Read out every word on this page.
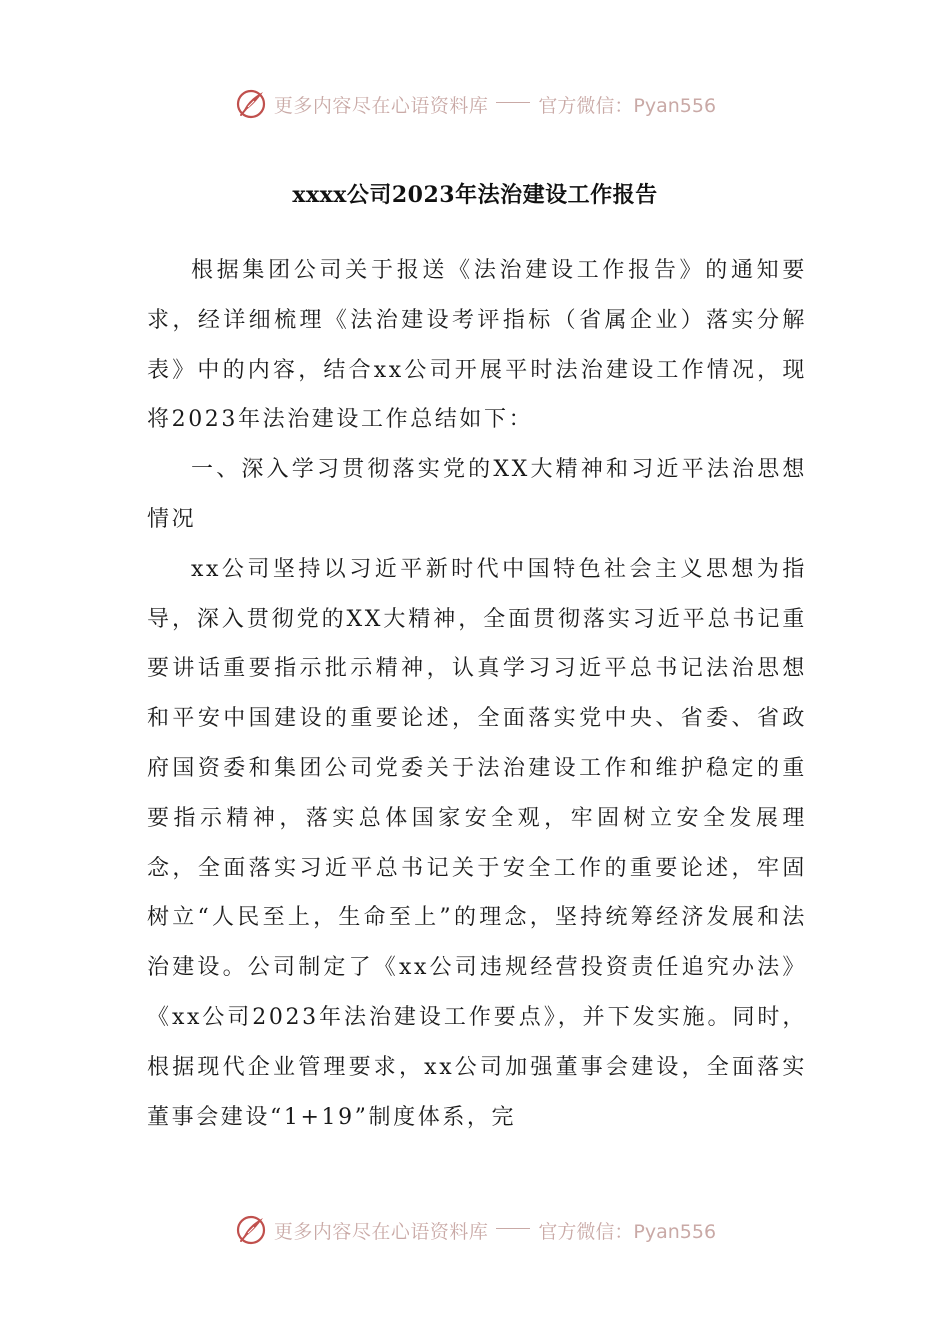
更多内容尽在心语资料库	官方微信：Pyan556
xxxx公司2023年法治建设工作报告

根据集团公司关于报送《法治建设工作报告》的通知要求，经详细梳理《法治建设考评指标（省属企业）落实分解表》中的内容，结合xx公司开展平时法治建设工作情况，现将2023年法治建设工作总结如下：

一、深入学习贯彻落实党的XX大精神和习近平法治思想情况

xx公司坚持以习近平新时代中国特色社会主义思想为指导，深入贯彻党的XX大精神，全面贯彻落实习近平总书记重要讲话重要指示批示精神，认真学习习近平总书记法治思想和平安中国建设的重要论述，全面落实党中央、省委、省政府国资委和集团公司党委关于法治建设工作和维护稳定的重要指示精神，落实总体国家安全观，牢固树立安全发展理念，全面落实习近平总书记关于安全工作的重要论述，牢固树立“人民至上，生命至上”的理念，坚持统筹经济发展和法治建设。公司制定了《xx公司违规经营投资责任追究办法》《xx公司2023年法治建设工作要点》，并下发实施。同时，根据现代企业管理要求，xx公司加强董事会建设，全面落实董事会建设“1+19”制度体系，完

更多内容尽在心语资料库	官方微信：Pyan556
